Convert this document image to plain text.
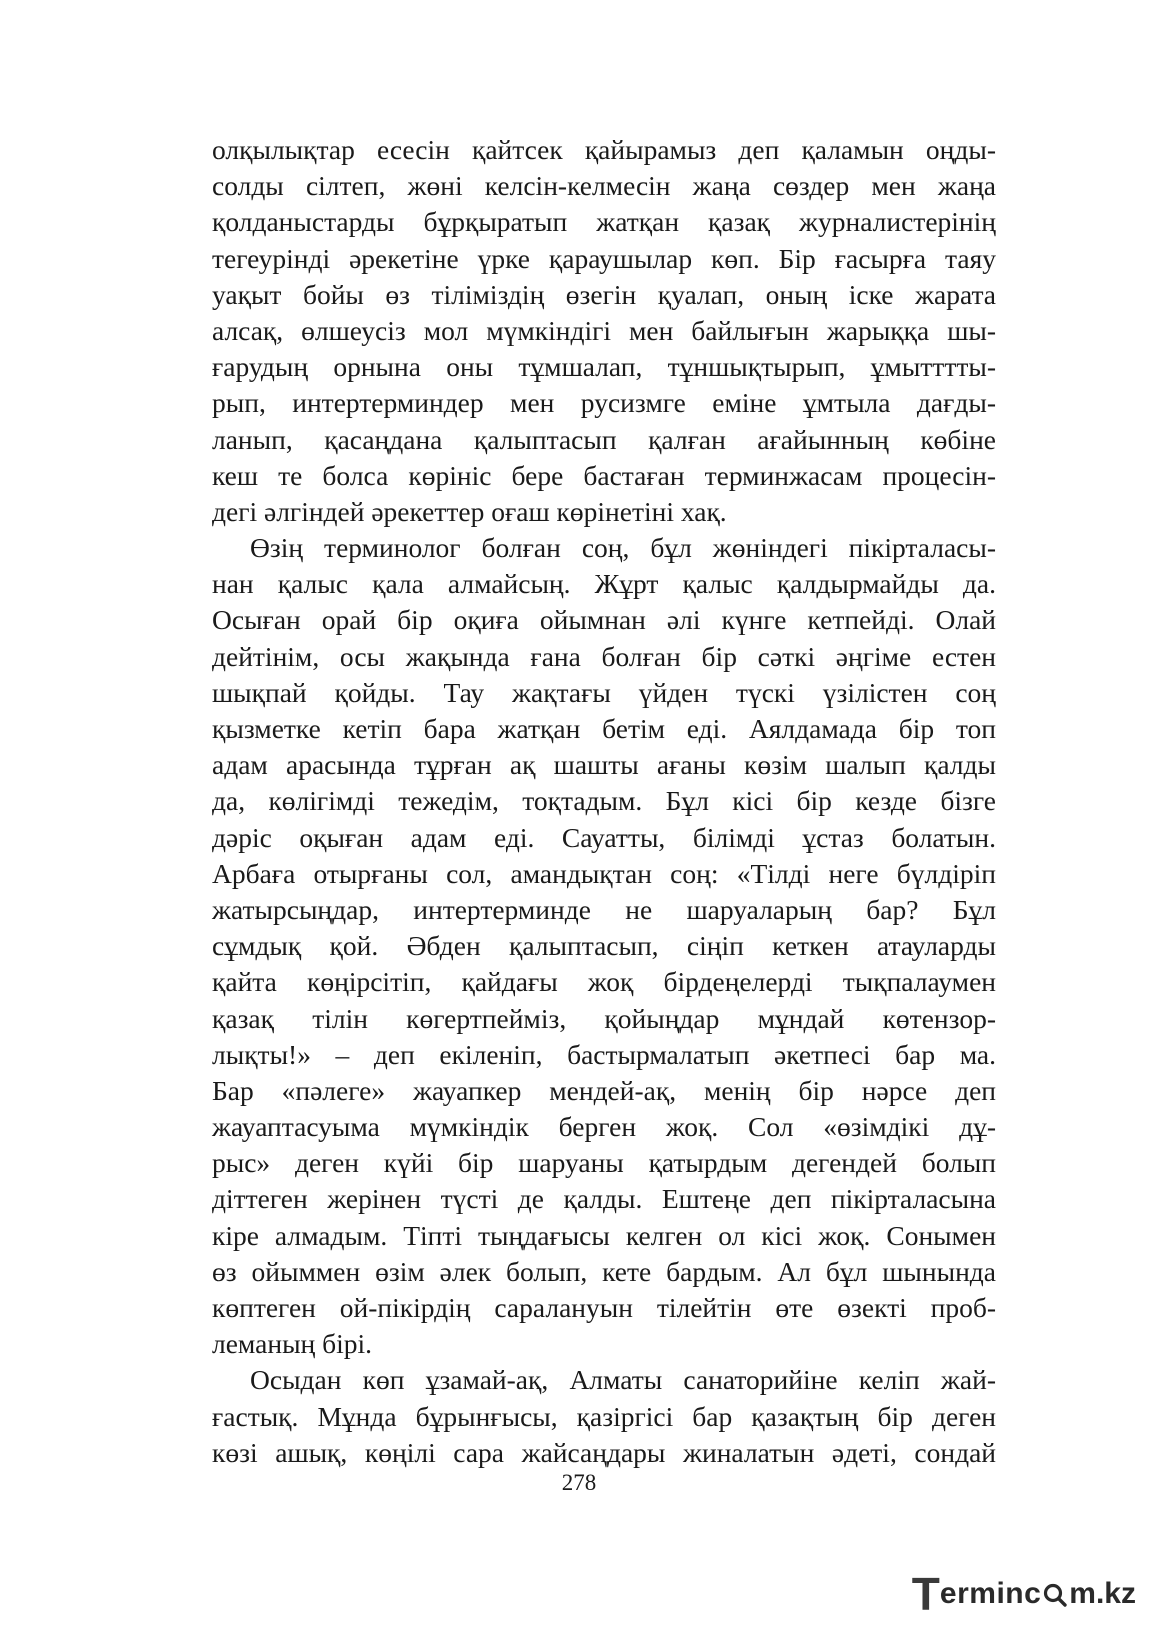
олқылықтар есесін қайтсек қайырамыз деп қаламын оңды-
солды сілтеп, жөні келсін-келмесін жаңа сөздер мен жаңа
қолданыстарды бұрқыратып жатқан қазақ журналистерінің
тегеурінді әрекетіне үрке қараушылар көп. Бір ғасырға таяу
уақыт бойы өз тіліміздің өзегін қуалап, оның іске жарата
алсақ, өлшеусіз мол мүмкіндігі мен байлығын жарыққа шы-
ғарудың орнына оны тұмшалап, тұншықтырып, ұмытттты-
рып, интертерминдер мен русизмге еміне ұмтыла дағды-
ланып, қасаңдана қалыптасып қалған ағайынның көбіне
кеш те болса көрініс бере бастаған терминжасам процесін-
дегі әлгіндей әрекеттер оғаш көрінетіні хақ.
Өзің терминолог болған соң, бұл жөніндегі пікірталасы-
нан қалыс қала алмайсың. Жұрт қалыс қалдырмайды да.
Осыған орай бір оқиға ойымнан әлі күнге кетпейді. Олай
дейтінім, осы жақында ғана болған бір сәткі әңгіме естен
шықпай қойды. Тау жақтағы үйден түскі үзілістен соң
қызметке кетіп бара жатқан бетім еді. Аялдамада бір топ
адам арасында тұрған ақ шашты ағаны көзім шалып қалды
да, көлігімді тежедім, тоқтадым. Бұл кісі бір кезде бізге
дәріс оқыған адам еді. Сауатты, білімді ұстаз болатын.
Арбаға отырғаны сол, амандықтан соң: «Тілді неге бүлдіріп
жатырсыңдар, интертерминде не шаруаларың бар? Бұл
сұмдық қой. Әбден қалыптасып, сіңіп кеткен атауларды
қайта көңірсітіп, қайдағы жоқ бірдеңелерді тықпалаумен
қазақ тілін көгертпейміз, қойыңдар мұндай көтензор-
лықты!» – деп екіленіп, бастырмалатып әкетпесі бар ма.
Бар «пәлеге» жауапкер мендей-ақ, менің бір нәрсе деп
жауаптасуыма мүмкіндік берген жоқ. Сол «өзімдікі дұ-
рыс» деген күйі бір шаруаны қатырдым дегендей болып
діттеген жерінен түсті де қалды. Ештеңе деп пікірталасына
кіре алмадым. Тіпті тыңдағысы келген ол кісі жоқ. Сонымен
өз ойыммен өзім әлек болып, кете бардым. Ал бұл шынында
көптеген ой-пікірдің саралануын тілейтін өте өзекті проб-
леманың бірі.
Осыдан көп ұзамай-ақ, Алматы санаторийіне келіп жай-
ғастық. Мұнда бұрынғысы, қазіргісі бар қазақтың бір деген
көзі ашық, көңілі сара жайсаңдары жиналатын әдеті, сондай
278
T erminc m.kz
